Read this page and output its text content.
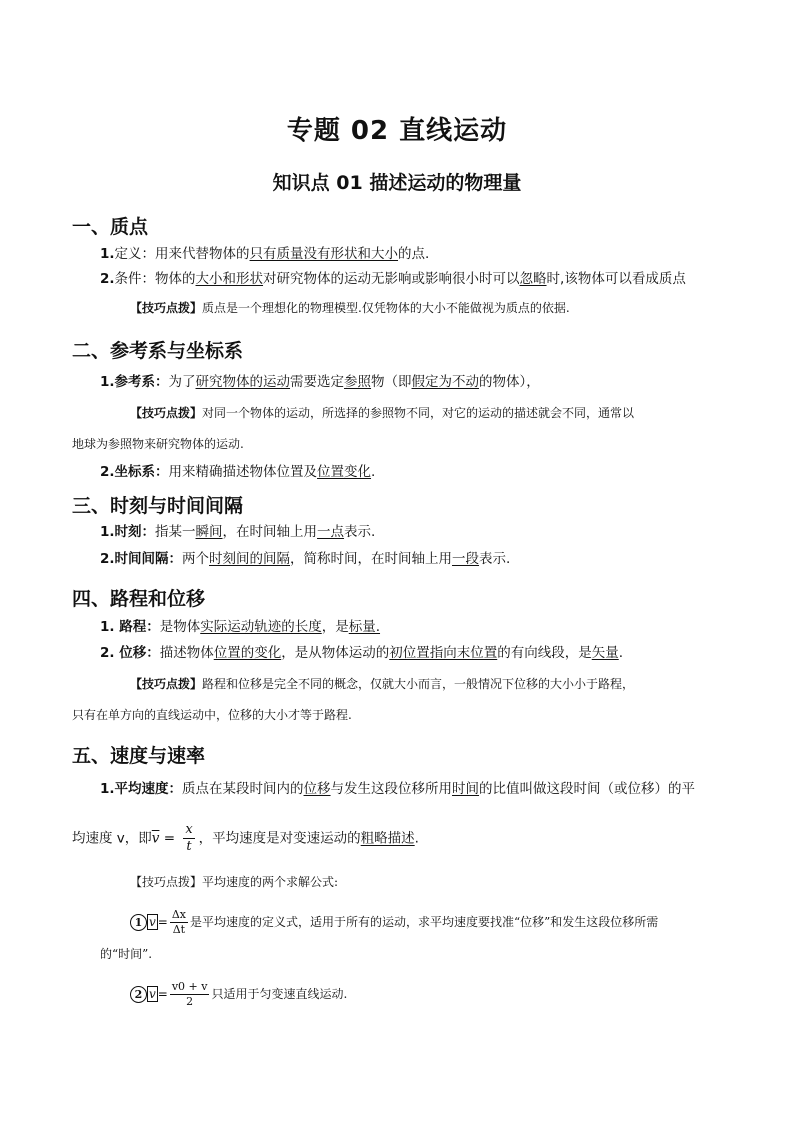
专题 02 直线运动
知识点 01 描述运动的物理量
一、质点
1.定义：用来代替物体的只有质量没有形状和大小的点.
2.条件：物体的大小和形状对研究物体的运动无影响或影响很小时可以忽略时,该物体可以看成质点
【技巧点拨】质点是一个理想化的物理模型.仅凭物体的大小不能做视为质点的依据.
二、参考系与坐标系
1.参考系：为了研究物体的运动需要选定参照物（即假定为不动的物体），
【技巧点拨】对同一个物体的运动，所选择的参照物不同，对它的运动的描述就会不同，通常以
地球为参照物来研究物体的运动.
2.坐标系：用来精确描述物体位置及位置变化.
三、时刻与时间间隔
1.时刻：指某一瞬间，在时间轴上用一点表示.
2.时间间隔：两个时刻间的间隔，简称时间，在时间轴上用一段表示.
四、路程和位移
1. 路程：是物体实际运动轨迹的长度，是标量.
2. 位移：描述物体位置的变化，是从物体运动的初位置指向末位置的有向线段，是矢量.
【技巧点拨】路程和位移是完全不同的概念，仅就大小而言，一般情况下位移的大小小于路程，
只有在单方向的直线运动中，位移的大小才等于路程.
五、速度与速率
1.平均速度：质点在某段时间内的位移与发生这段位移所用时间的比值叫做这段时间（或位移）的平
均速度 v，即$\overline{v} = \frac{x}{t}$ ，平均速度是对变速运动的粗略描述.
【技巧点拨】平均速度的两个求解公式:
1 $\overline{v} = \frac{\Delta x}{\Delta t}$ 是平均速度的定义式，适用于所有的运动，求平均速度要找准“位移”和发生这段位移所需
的“时间”.
2 $\overline{v} = \frac{v0 + v}{2}$ 只适用于匀变速直线运动.
